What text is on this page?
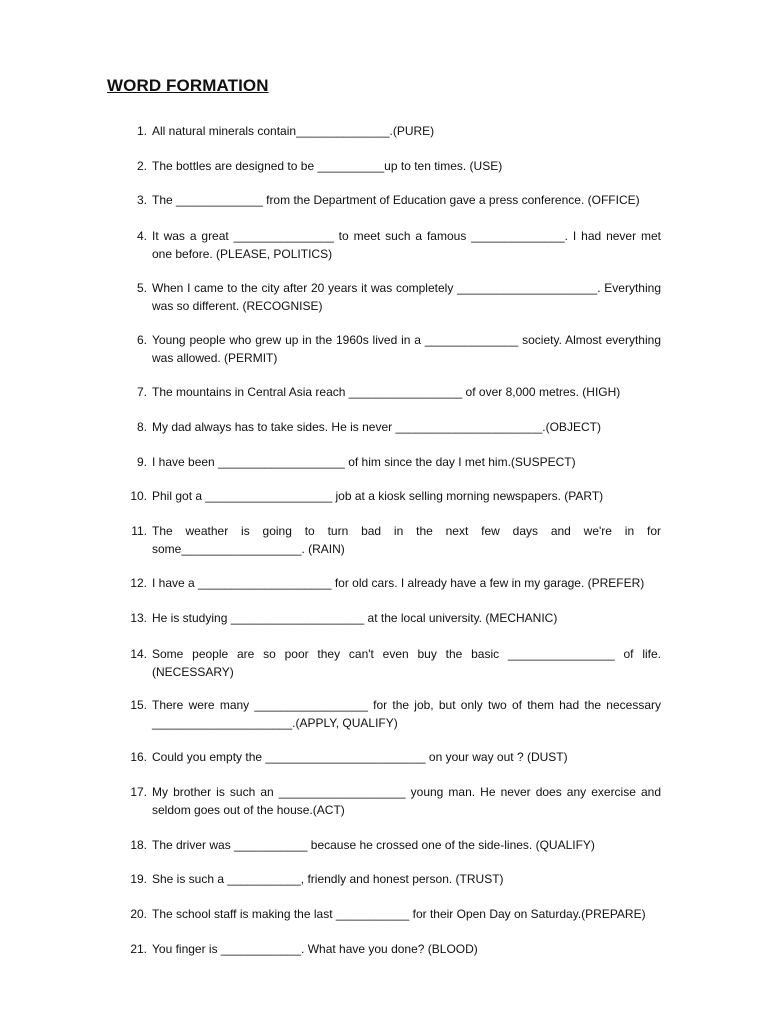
WORD FORMATION
1. All natural minerals contain______________.(PURE)
2. The bottles are designed to be __________up to ten times. (USE)
3. The _____________ from the Department of Education gave a press conference. (OFFICE)
4. It was a great _______________ to meet such a famous ______________. I had never met one before. (PLEASE, POLITICS)
5. When I came to the city after 20 years it was completely _____________________. Everything was so different. (RECOGNISE)
6. Young people who grew up in the 1960s lived in a ______________ society. Almost everything was allowed. (PERMIT)
7. The mountains in Central Asia reach _________________ of over 8,000 metres. (HIGH)
8. My dad always has to take sides. He is never ______________________.(OBJECT)
9. I have been ___________________ of him since the day I met him.(SUSPECT)
10. Phil got a ___________________ job at a kiosk selling morning newspapers. (PART)
11. The weather is going to turn bad in the next few days and we're in for some__________________. (RAIN)
12. I have a ____________________ for old cars. I already have a few in my garage. (PREFER)
13. He is studying ____________________ at the local university. (MECHANIC)
14. Some people are so poor they can't even buy the basic ________________ of life. (NECESSARY)
15. There were many _________________ for the job, but only two of them had the necessary _____________________.(APPLY, QUALIFY)
16. Could you empty the ________________________ on your way out ? (DUST)
17. My brother is such an ___________________ young man. He never does any exercise and seldom goes out of the house.(ACT)
18. The driver was ___________ because he crossed one of the side-lines. (QUALIFY)
19. She is such a ___________, friendly and honest person. (TRUST)
20. The school staff is making the last ___________ for their Open Day on Saturday.(PREPARE)
21. You finger is ____________. What have you done? (BLOOD)
